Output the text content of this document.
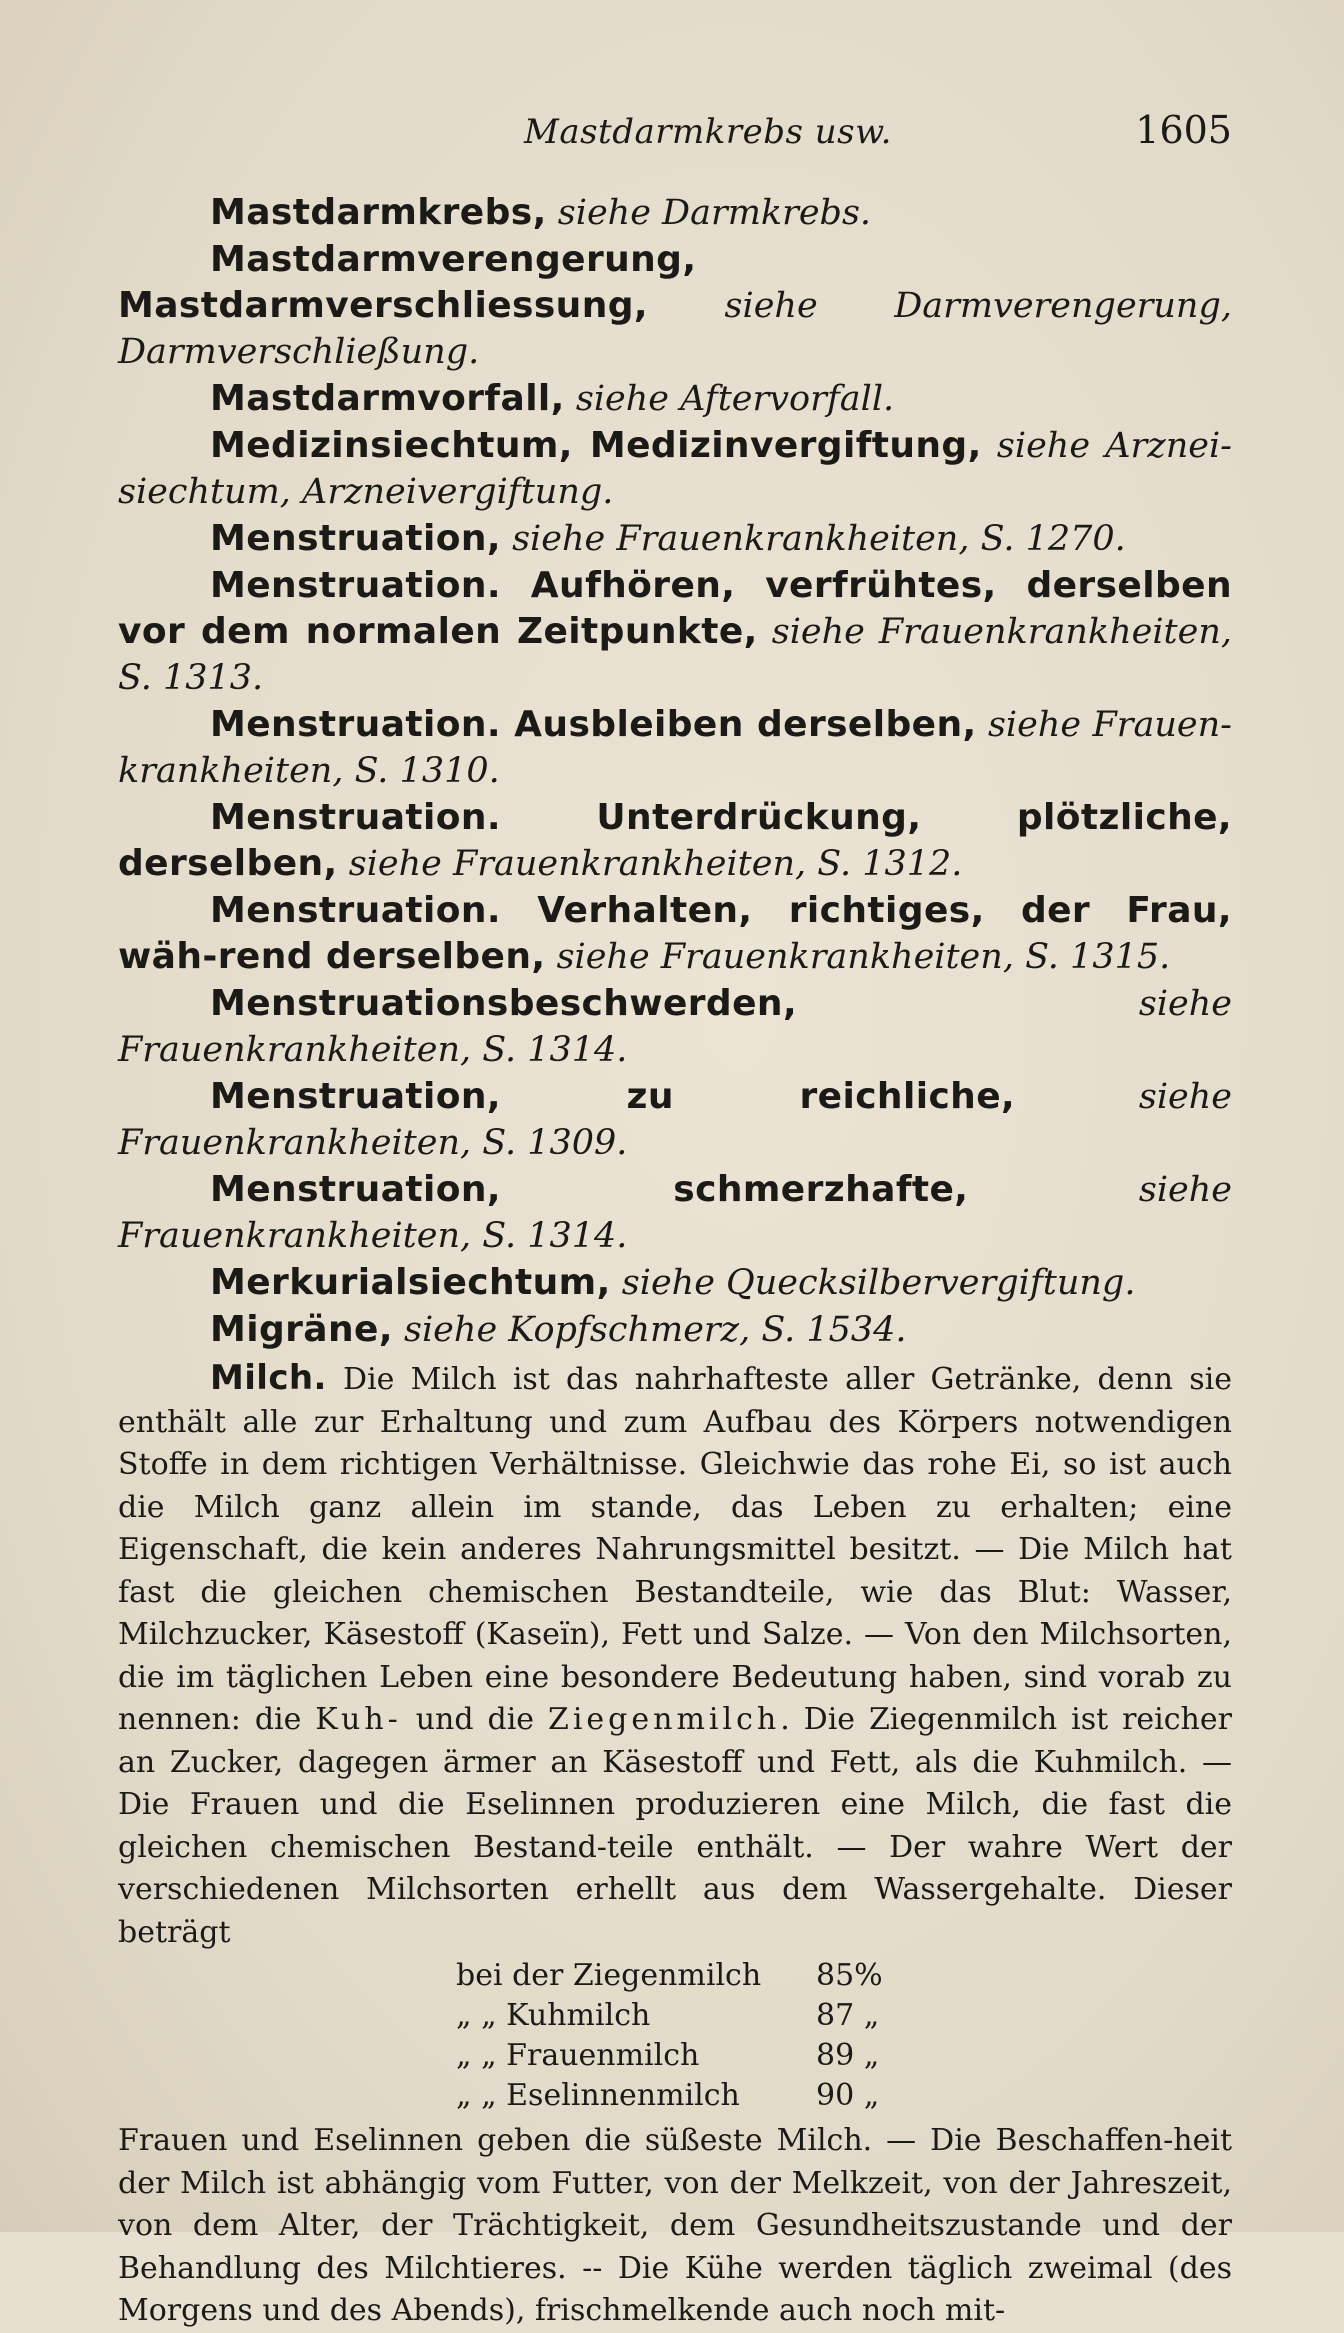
Mastdarmkrebs usw.	1605

Mastdarmkrebs, siehe Darmkrebs.

Mastdarmverengerung, Mastdarmverschliessung, siehe Darmverengerung, Darmverschließung.

Mastdarmvorfall, siehe Aftervorfall.

Medizinsiechtum, Medizinvergiftung, siehe Arznei-siechtum, Arzneivergiftung.

Menstruation, siehe Frauenkrankheiten, S. 1270.

Menstruation. Aufhören, verfrühtes, derselben vor dem normalen Zeitpunkte, siehe Frauenkrankheiten, S. 1313.

Menstruation. Ausbleiben derselben, siehe Frauen-krankheiten, S. 1310.

Menstruation. Unterdrückung, plötzliche, derselben, siehe Frauenkrankheiten, S. 1312.

Menstruation. Verhalten, richtiges, der Frau, wäh-rend derselben, siehe Frauenkrankheiten, S. 1315.

Menstruationsbeschwerden, siehe Frauenkrankheiten, S. 1314.

Menstruation, zu reichliche, siehe Frauenkrankheiten, S. 1309.

Menstruation, schmerzhafte, siehe Frauenkrankheiten, S. 1314.

Merkurialsiechtum, siehe Quecksilbervergiftung.

Migräne, siehe Kopfschmerz, S. 1534.

Milch. Die Milch ist das nahrhafteste aller Getränke, denn sie enthält alle zur Erhaltung und zum Aufbau des Körpers notwendigen Stoffe in dem richtigen Verhältnisse. Gleichwie das rohe Ei, so ist auch die Milch ganz allein im stande, das Leben zu erhalten; eine Eigenschaft, die kein anderes Nahrungsmittel besitzt. — Die Milch hat fast die gleichen chemischen Bestandteile, wie das Blut: Wasser, Milchzucker, Käsestoff (Kaseïn), Fett und Salze. — Von den Milchsorten, die im täglichen Leben eine besondere Bedeutung haben, sind vorab zu nennen: die Kuh- und die Ziegenmilch. Die Ziegenmilch ist reicher an Zucker, dagegen ärmer an Käsestoff und Fett, als die Kuhmilch. — Die Frauen und die Eselinnen produzieren eine Milch, die fast die gleichen chemischen Bestand-teile enthält. — Der wahre Wert der verschiedenen Milchsorten erhellt aus dem Wassergehalte. Dieser beträgt

bei der Ziegenmilch	85%
„ „ Kuhmilch	87 „
„ „ Frauenmilch	89 „
„ „ Eselinnenmilch	90 „

Frauen und Eselinnen geben die süßeste Milch. — Die Beschaffen-heit der Milch ist abhängig vom Futter, von der Melkzeit, von der Jahreszeit, von dem Alter, der Trächtigkeit, dem Gesundheitszustande und der Behandlung des Milchtieres. -- Die Kühe werden täglich zweimal (des Morgens und des Abends), frischmelkende auch noch mit-
